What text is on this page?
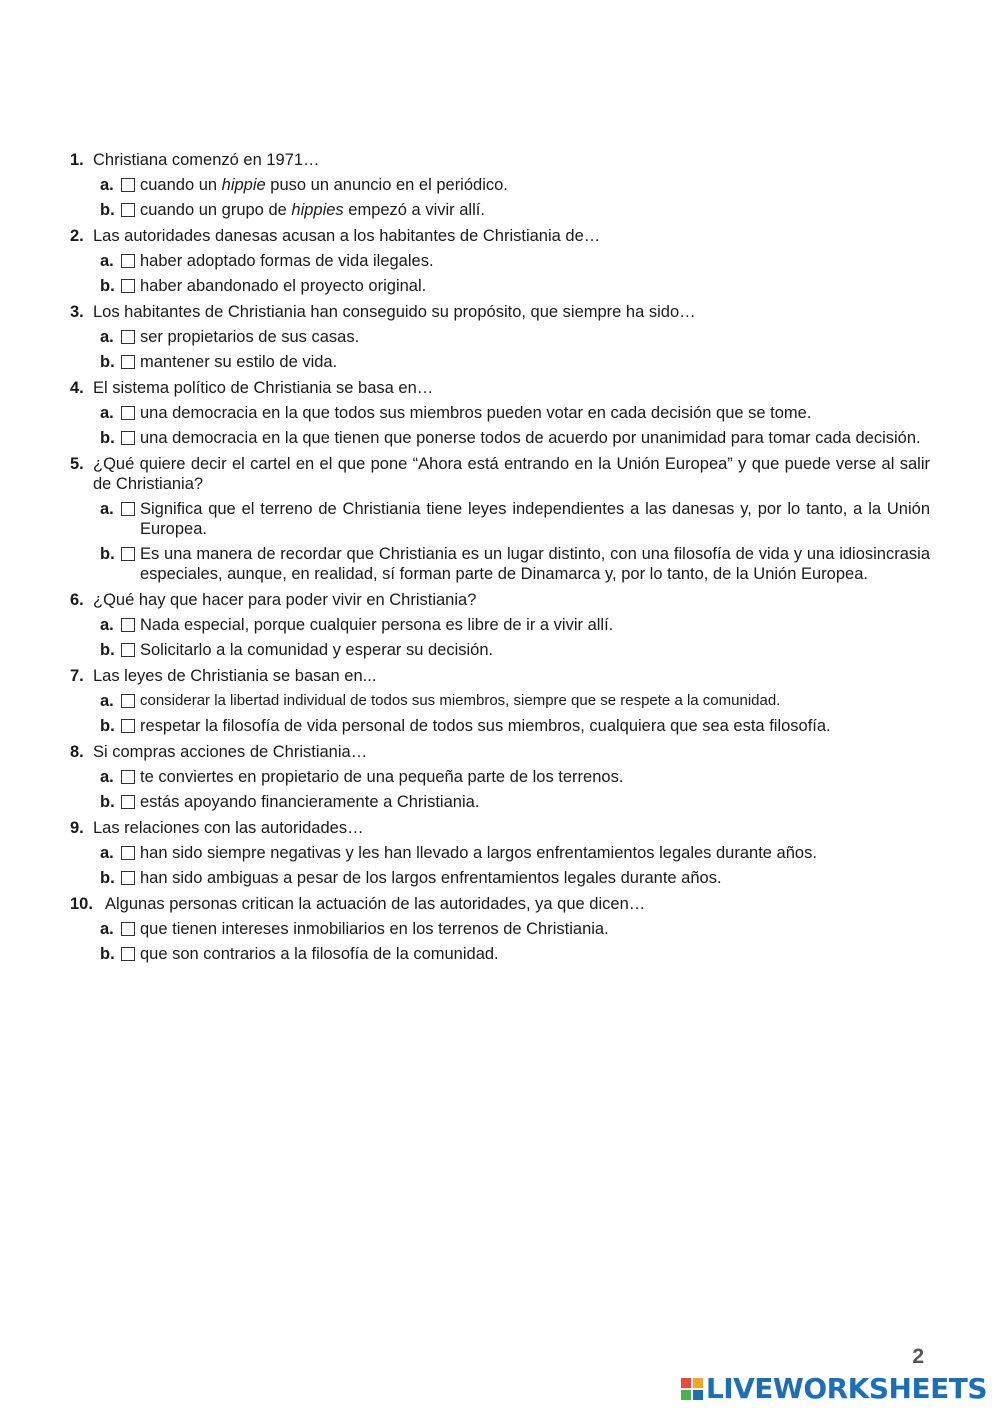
1. Christiana comenzó en 1971…
a.	cuando un hippie puso un anuncio en el periódico.
b.	cuando un grupo de hippies empezó a vivir allí.
2. Las autoridades danesas acusan a los habitantes de Christiania de…
a.	haber adoptado formas de vida ilegales.
b.	haber abandonado el proyecto original.
3. Los habitantes de Christiania han conseguido su propósito, que siempre ha sido…
a.	ser propietarios de sus casas.
b.	mantener su estilo de vida.
4. El sistema político de Christiania se basa en…
a.	una democracia en la que todos sus miembros pueden votar en cada decisión que se tome.
b.	una democracia en la que tienen que ponerse todos de acuerdo por unanimidad para tomar cada decisión.
5. ¿Qué quiere decir el cartel en el que pone “Ahora está entrando en la Unión Europea” y que puede verse al salir de Christiania?
a.	Significa que el terreno de Christiania tiene leyes independientes a las danesas y, por lo tanto, a la Unión Europea.
b.	Es una manera de recordar que Christiania es un lugar distinto, con una filosofía de vida y una idiosincrasia especiales, aunque, en realidad, sí forman parte de Dinamarca y, por lo tanto, de la Unión Europea.
6. ¿Qué hay que hacer para poder vivir en Christiania?
a.	Nada especial, porque cualquier persona es libre de ir a vivir allí.
b.	Solicitarlo a la comunidad y esperar su decisión.
7. Las leyes de Christiania se basan en...
a.	considerar la libertad individual de todos sus miembros, siempre que se respete a la comunidad.
b.	respetar la filosofía de vida personal de todos sus miembros, cualquiera que sea esta filosofía.
8. Si compras acciones de Christiania…
a.	te conviertes en propietario de una pequeña parte de los terrenos.
b.	estás apoyando financieramente a Christiania.
9. Las relaciones con las autoridades…
a.	han sido siempre negativas y les han llevado a largos enfrentamientos legales durante años.
b.	han sido ambiguas a pesar de los largos enfrentamientos legales durante años.
10. Algunas personas critican la actuación de las autoridades, ya que dicen…
a.	que tienen intereses inmobiliarios en los terrenos de Christiania.
b.	que son contrarios a la filosofía de la comunidad.
2
LIVEWORKSHEETS
